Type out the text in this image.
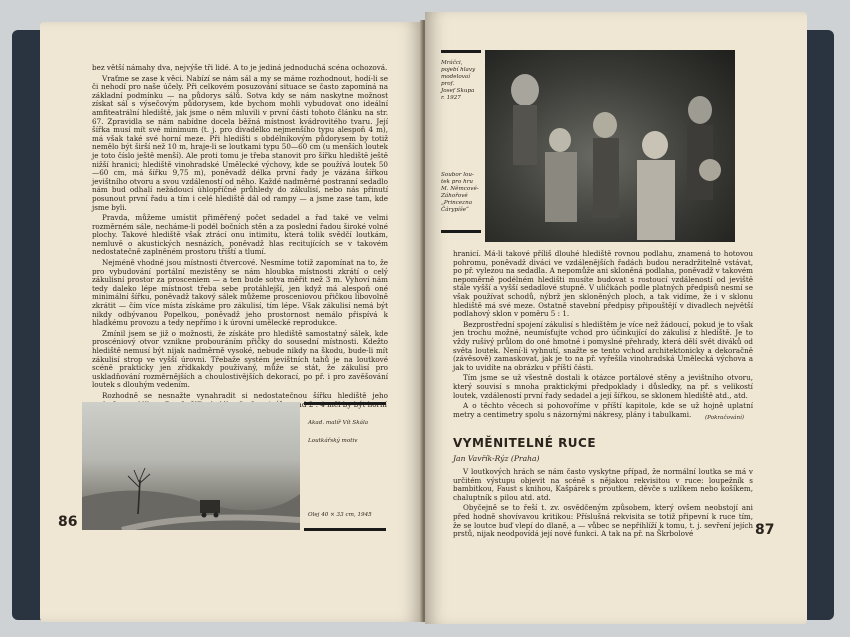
bez větší námahy dva, nejvýše tři lidé. A to je jediná jednoduchá scéna ochozová.

Vraťme se zase k věci. Nabízí se nám sál a my se máme rozhodnout, hodí-li se či nehodí pro naše účely. Při celkovém posuzování situace se často zapomíná na základní podmínku — na půdorys sálů. Sotva kdy se nám naskytne možnost získat sál s výsečovým půdorysem, kde bychom mohli vybudovat ono ideální amfiteatrální hlediště, jak jsme o něm mluvili v první části tohoto článku na str. 67. Zpravidla se nám nabídne docela běžná místnost kvádrovitého tvaru. Její šířka musí mít své minimum (t. j. pro divadélko nejmenšího typu alespoň 4 m), má však také své horní meze. Při hledišti s obdélníkovým půdorysem by totiž nemělo být širší než 10 m, hraje-li se loutkami typu 50—60 cm (u menších loutek je toto číslo ještě menší). Ale proti tomu je třeba stanovit pro šířku hlediště ještě nižší hranici; hlediště vinohradské Umělecké výchovy, kde se používá loutek 50—60 cm, má šířku 9,75 m), poněvadž délka první řady je vázána šířkou jevištního otvoru a svou vzdáleností od něho. Každé nadměrné postranní sedadlo nám bud odhalí nežádoucí úhlopříčné průhledy do zákulisí, nebo nás přinutí posunout první řadu a tím i celé hlediště dál od rampy — a jsme zase tam, kde jsme byli.

Pravda, můžeme umístit přiměřený počet sedadel a řad také ve velmi rozměrném sále, necháme-li podél bočních stěn a za poslední řadou široké volné plochy. Takové hlediště však ztrácí onu intimitu, která tolik svědčí loutkám, nemluvě o akustických nesnázích, poněvadž hlas recitujících se v takovém nedostatečně zaplněném prostoru tříští a tlumí.

Nejméně vhodné jsou místnosti čtvercové. Nesmíme totiž zapomínat na to, že pro vybudování portální mezistěny se nám hloubka místnosti zkrátí o celý zákulisní prostor za prosceniem — a ten bude sotva měřit než 3 m. Vyhoví nám tedy daleko lépe místnost třeba sebe protáhlejší, jen když má alespoň oné minimální šířku, poněvadž takový sálek můžeme prosceniovou přičkou libovolně zkrátit — čím více místa získáme pro zákulisí, tím lépe. Však zákulisí nemá být nikdy odbývanou Popelkou, poněvadž jeho prostornost nemálo přispívá k hladkému provozu a tedy nepřímo i k úrovni umělecké reprodukce.

Zmínil jsem se již o možnosti, že získáte pro hlediště samostatný sálek, kde proscéniový otvor vznikne probouráním přičky do sousední místnosti. Kdežto hlediště nemusí být nijak nadměrně vysoké, nebude nikdy na škodu, bude-li mít zákulisí strop ve vyšší úrovni. Třebaže systém jevištních tahů je na loutkové scéně prakticky jen zřídkakdy používaný, může se stát, že zákulisí pro uskladňování rozměrnějších a choulostivějších dekorací, po př. i pro zavěšování loutek s dlouhým vedením.

Rozhodně se nesnažte vynahradit si nedostatečnou šířku hlediště jeho

Akad. malíř Vít Skála
Loutkářský motiv
Olej 40 × 33 cm, 1945
86
Mráčci,
pojebí hlavy
modelovaí
prof.
Josef Skupa
r. 1927
Soubor lou-
tek pro hru
M. Němcové-
Záhořové
„Princezna
Čárypíše“

hranicí. Má-li takové příliš dlouhé hlediště rovnou podlahu, znamená to hotovou pohromu, poněvadž diváci ve vzdálenějších řadách budou neradržitelně vstávat, po př. vylezou na sedadla. A nepomůže ani skloněná podlaha, poněvadž v takovém nepoměrně podélném hledišti musíte budovat s rostoucí vzdáleností od jeviště stále vyšší a vyšší sedadlové stupně. V uličkách podle platných předpisů nesmí se však používat schodů, nýbrž jen skloněných ploch, a tak vidíme, že i v sklonu hlediště má své meze. Ostatně stavební předpisy připouštějí v divadlech největší podlahový sklon v poměru 5 : 1.

Bezprostřední spojení zákulisí s hledištěm je více než žádoucí, pokud je to však jen trochu možné, neumísťujte vchod pro účinkující do zákulisí z hlediště. Je to vždy rušivý průlom do oné hmotné i pomyslné přehrady, která dělí svět diváků od světa loutek. Není-li vyhnutí, snažte se tento vchod architektonicky a dekoračně (závěsově) zamaskovat, jak je to na př. vyřešila vinohradská Umělecká výchova a jak to uvidíte na obrázku v příští části.

Tím jsme se už všestně dostali k otázce portálové stěny a jevištního otvoru, který souvisí s mnoha praktickými předpoklady i důsledky, na př. s velikostí loutek, vzdáleností první řady sedadel a její šířkou, se sklonem hlediště atd., atd.

A o těchto věcech si pohovoříme v příští kapitole, kde se už hojně uplatní metry a centimetry spolu s názornými nákresy, plány i tabulkami.	(Pokračování)
VYMĚNITELNÉ RUCE
Jan Vavřík-Rýz (Praha)

V loutkových hrách se nám často vyskytne případ, že normální loutka se má v určitém výstupu objevit na scéně s nějakou rekvisitou v ruce: loupežník s bambitkou, Faust s knihou, Kašpárek s proutkem, děvče s uzlíkem nebo košíkem, chaluptník s pilou atd. atd.

Obyčejně se to řeší t. zv. osvědčeným způsobem, který ovšem neobstojí ani před hodně shovívavou kritikou: Příslušná rekvisita se totiž připevní k ruce tím, že se loutce buď vlepí do dlaně, a — vůbec se nepřihlíží k tomu, t. j. sevření jejích prstů, nijak neodpovídá její nové funkci. A tak na př. na Škrbolové	87
